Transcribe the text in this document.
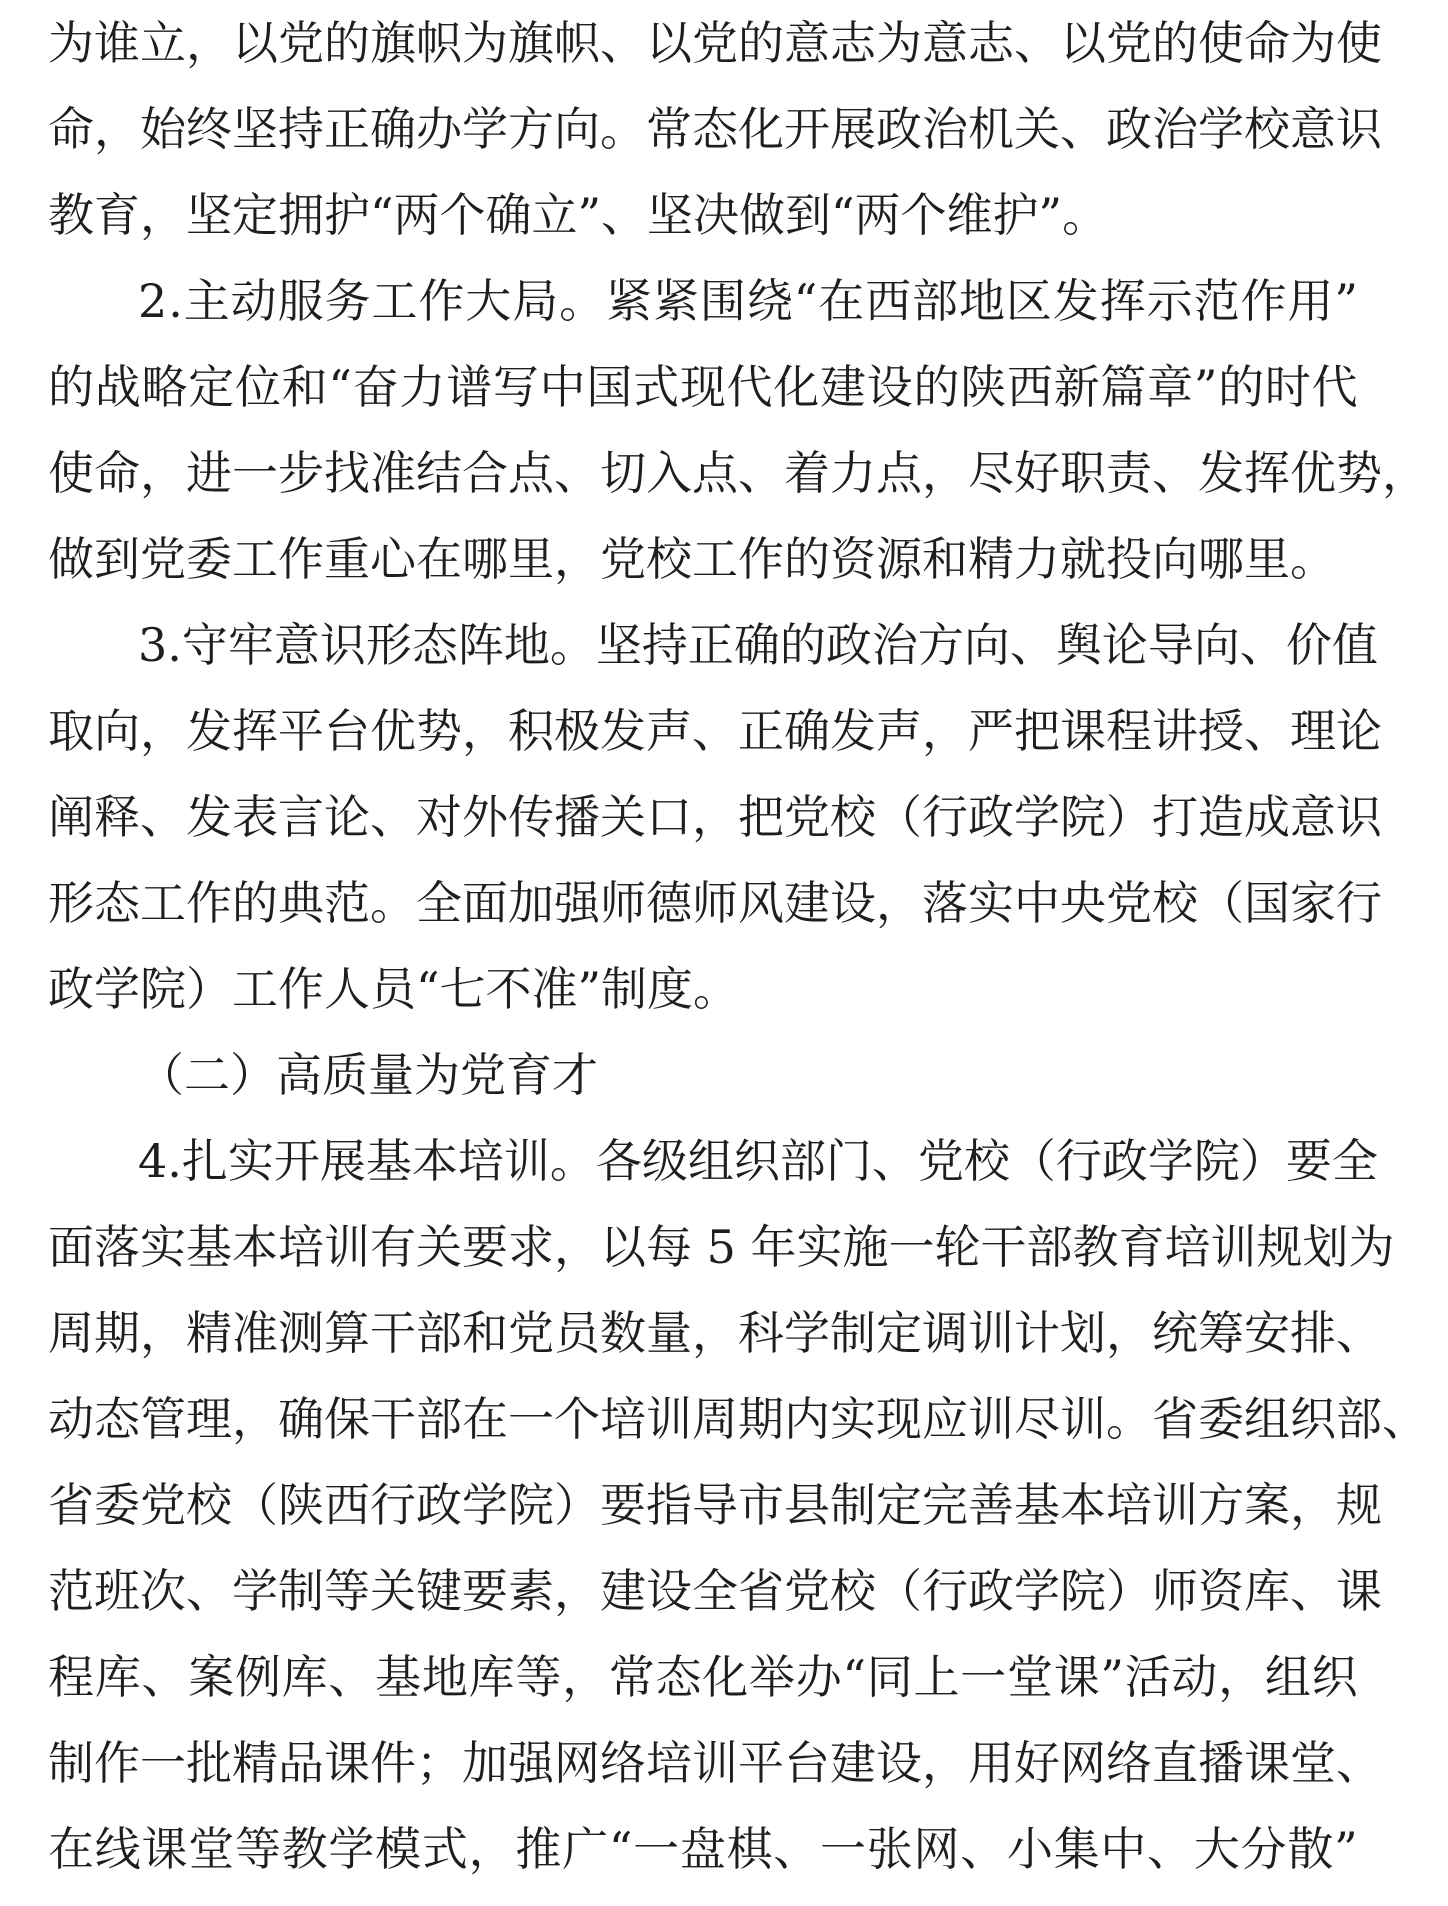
为 谁 立 ， 以 党 的 旗 帜 为 旗 帜 、 以 党 的 意 志 为 意 志 、 以 党 的 使 命 为 使
命 ， 始 终 坚 持 正 确 办 学 方 向 。 常 态 化 开 展 政 治 机 关 、 政 治 学 校 意 识
教育，坚定拥护“两个确立”、坚决做到“两个维护”。
2 . 主 动 服 务 工 作 大 局 。 紧 紧 围 绕 “ 在 西 部 地 区 发 挥 示 范 作 用 ”
的 战 略 定 位 和 “ 奋 力 谱 写 中 国 式 现 代 化 建 设 的 陕 西 新 篇 章 ” 的 时 代
使 命 ， 进 一 步 找 准 结 合 点 、 切 入 点 、 着 力 点 ， 尽 好 职 责 、 发 挥 优 势 ，
做到党委工作重心在哪里，党校工作的资源和精力就投向哪里。
3 . 守 牢 意 识 形 态 阵 地 。 坚 持 正 确 的 政 治 方 向 、 舆 论 导 向 、 价 值
取 向 ， 发 挥 平 台 优 势 ， 积 极 发 声 、 正 确 发 声 ， 严 把 课 程 讲 授 、 理 论
阐 释 、 发 表 言 论 、 对 外 传 播 关 口 ， 把 党 校 （ 行 政 学 院 ） 打 造 成 意 识
形 态 工 作 的 典 范 。 全 面 加 强 师 德 师 风 建 设 ， 落 实 中 央 党 校 （ 国 家 行
政学院）工作人员“七不准”制度。
（二）高质量为党育才
4 . 扎 实 开 展 基 本 培 训 。 各 级 组 织 部 门 、 党 校 （ 行 政 学 院 ） 要 全
面 落 实 基 本 培 训 有 关 要 求 ， 以 每
5
年 实 施 一 轮 干 部 教 育 培 训 规 划 为
周 期 ， 精 准 测 算 干 部 和 党 员 数 量 ， 科 学 制 定 调 训 计 划 ， 统 筹 安 排 、
动 态 管 理 ， 确 保 干 部 在 一 个 培 训 周 期 内 实 现 应 训 尽 训 。 省 委 组 织 部 、
省 委 党 校 （ 陕 西 行 政 学 院 ） 要 指 导 市 县 制 定 完 善 基 本 培 训 方 案 ， 规
范 班 次 、 学 制 等 关 键 要 素 ， 建 设 全 省 党 校 （ 行 政 学 院 ） 师 资 库 、 课
程 库 、 案 例 库 、 基 地 库 等 ， 常 态 化 举 办 “ 同 上 一 堂 课 ” 活 动 ， 组 织
制 作 一 批 精 品 课 件 ； 加 强 网 络 培 训 平 台 建 设 ， 用 好 网 络 直 播 课 堂 、
在 线 课 堂 等 教 学 模 式 ， 推 广 “ 一 盘 棋 、 一 张 网 、 小 集 中 、 大 分 散 ”
